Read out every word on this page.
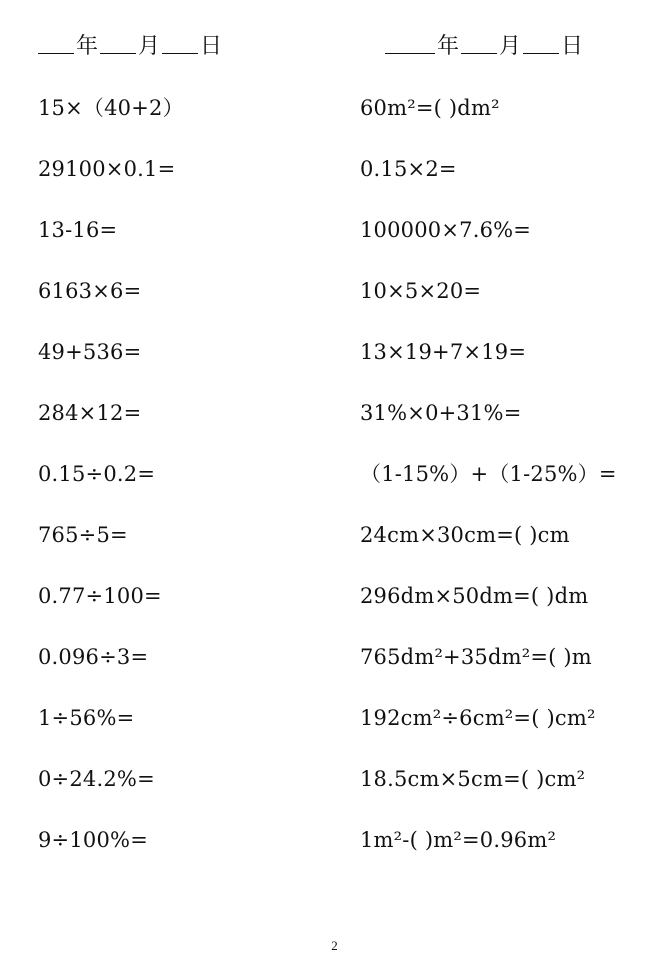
年 月 日	年 月 日
15×（40+2）
29100×0.1=
13-16=
6163×6=
49+536=
284×12=
0.15÷0.2=
765÷5=
0.77÷100=
0.096÷3=
1÷56%=
0÷24.2%=
9÷100%=
60m²=( )dm²
0.15×2=
100000×7.6%=
10×5×20=
13×19+7×19=
31%×0+31%=
（1-15%）+（1-25%）=
24cm×30cm=( )cm
296dm×50dm=( )dm
765dm²+35dm²=( )m
192cm²÷6cm²=( )cm²
18.5cm×5cm=( )cm²
1m²-( )m²=0.96m²
2
